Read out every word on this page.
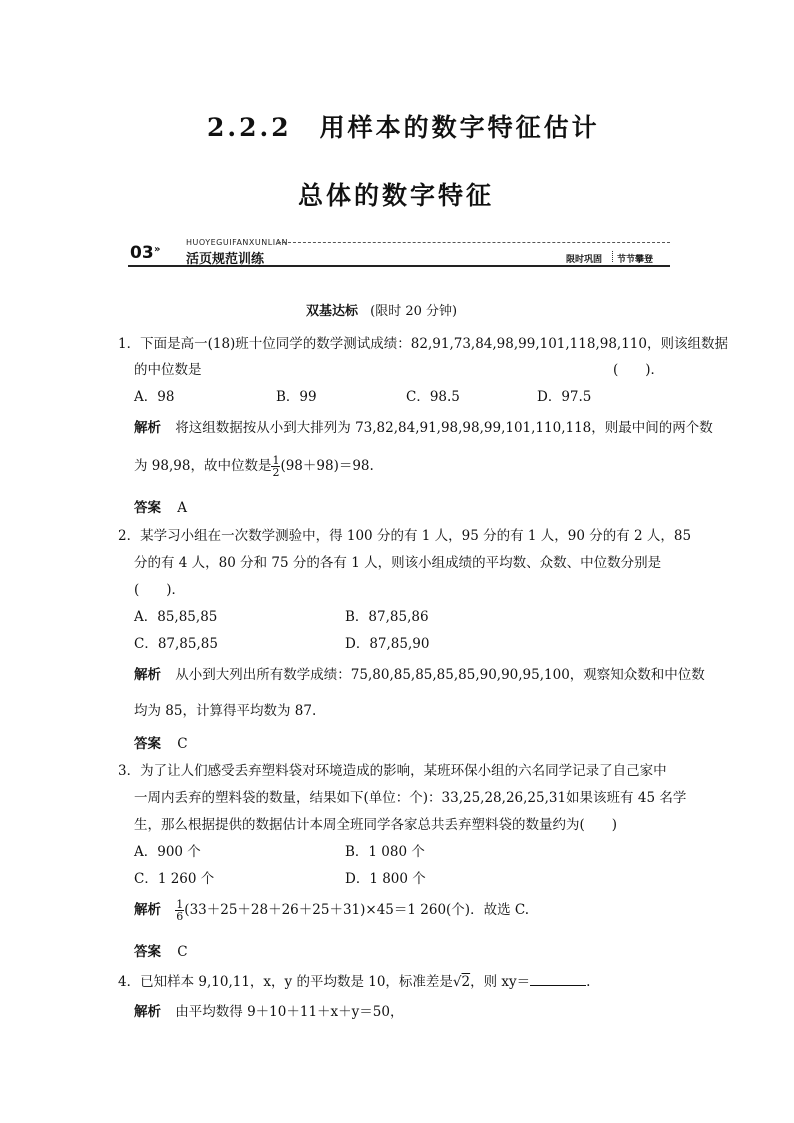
2.2.2　用样本的数字特征估计
总体的数字特征
03 »
HUOYEGUIFANXUNLIAN
活页规范训练	限时巩固 节节攀登
双基达标 (限时 20 分钟)
1．下面是高一(18)班十位同学的数学测试成绩：82,91,73,84,98,99,101,118,98,110，则该组数据
的中位数是	(　　)．
A．98	B．99	C．98.5	D．97.5
解析 将这组数据按从小到大排列为 73,82,84,91,98,98,99,101,110,118，则最中间的两个数
为 98,98，故中位数是 $\frac{1}{2} (98+98)=98$.
答案 A
2．某学习小组在一次数学测验中，得 100 分的有 1 人，95 分的有 1 人，90 分的有 2 人，85
分的有 4 人，80 分和 75 分的各有 1 人，则该小组成绩的平均数、众数、中位数分别是
(　　)．
A．85,85,85	B．87,85,86
C．87,85,85	D．87,85,90
解析 从小到大列出所有数学成绩：75,80,85,85,85,85,90,90,95,100，观察知众数和中位数
均为 85，计算得平均数为 87.
答案 C
3．为了让人们感受丢弃塑料袋对环境造成的影响，某班环保小组的六名同学记录了自己家中
一周内丢弃的塑料袋的数量，结果如下(单位：个)：33,25,28,26,25,31如果该班有 45 名学
生，那么根据提供的数据估计本周全班同学各家总共丢弃塑料袋的数量约为(　　)
A．900 个	B．1 080 个
C．1 260 个	D．1 800 个
解析 $\frac{1}{6} (33+25+28+26+25+31)\times 45=1$ 260(个)．故选 C.
答案 C
4．已知样本 9,10,11，x，y 的平均数是 10，标准差是√2，则 xy＝	.
解析 由平均数得 9＋10＋11＋x＋y＝50，
